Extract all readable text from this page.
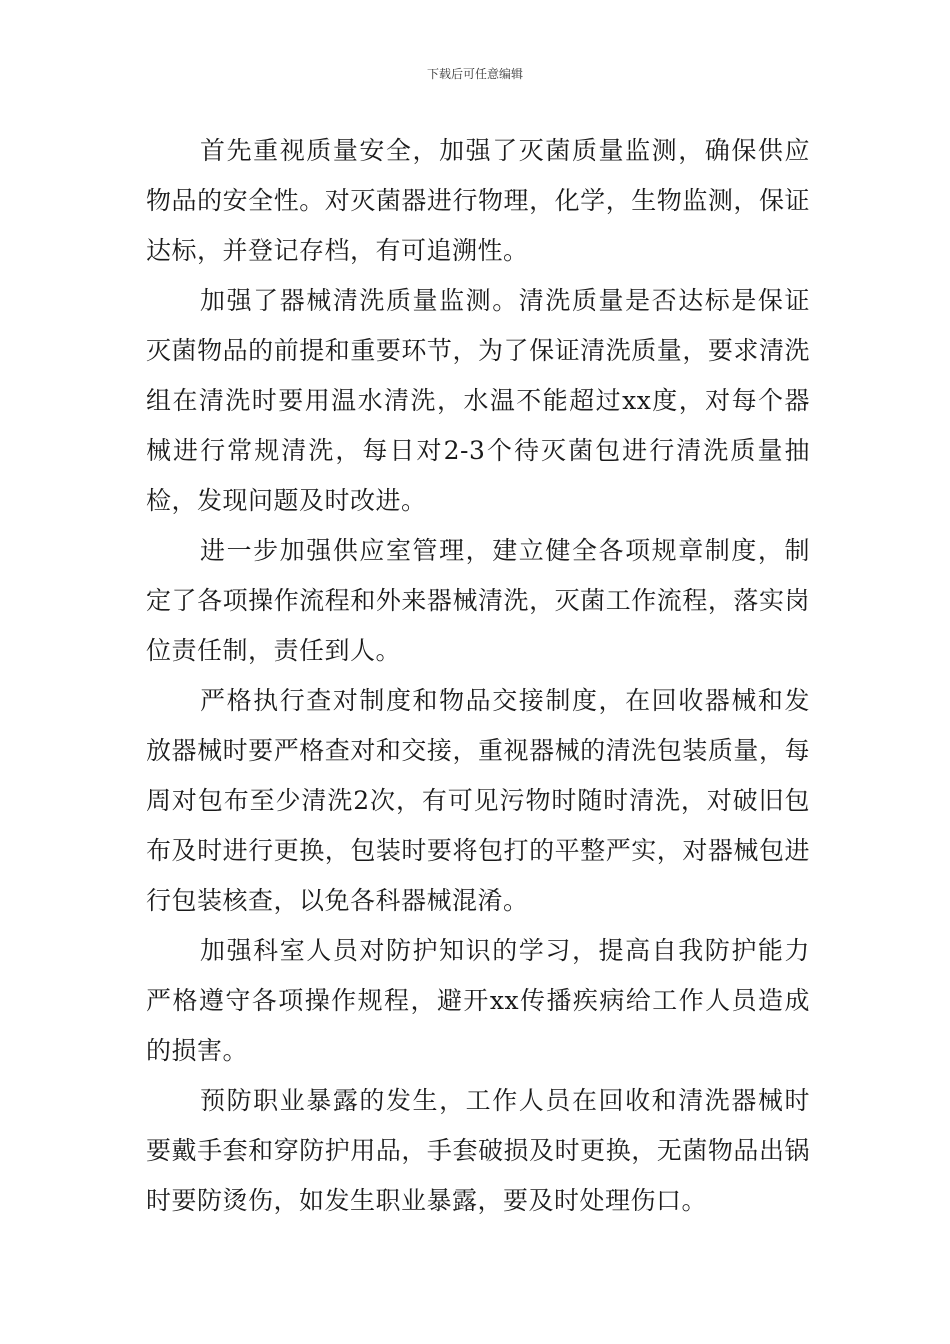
下载后可任意编辑

首先重视质量安全，加强了灭菌质量监测，确保供应物品的安全性。对灭菌器进行物理，化学，生物监测，保证达标，并登记存档，有可追溯性。

加强了器械清洗质量监测。清洗质量是否达标是保证灭菌物品的前提和重要环节，为了保证清洗质量，要求清洗组在清洗时要用温水清洗，水温不能超过xx度，对每个器械进行常规清洗，每日对2-3个待灭菌包进行清洗质量抽检，发现问题及时改进。

进一步加强供应室管理，建立健全各项规章制度，制定了各项操作流程和外来器械清洗，灭菌工作流程，落实岗位责任制，责任到人。

严格执行查对制度和物品交接制度，在回收器械和发放器械时要严格查对和交接，重视器械的清洗包装质量，每周对包布至少清洗2次，有可见污物时随时清洗，对破旧包布及时进行更换，包装时要将包打的平整严实，对器械包进行包装核查，以免各科器械混淆。

加强科室人员对防护知识的学习，提高自我防护能力严格遵守各项操作规程，避开xx传播疾病给工作人员造成的损害。

预防职业暴露的发生，工作人员在回收和清洗器械时要戴手套和穿防护用品，手套破损及时更换，无菌物品出锅时要防烫伤，如发生职业暴露，要及时处理伤口。
